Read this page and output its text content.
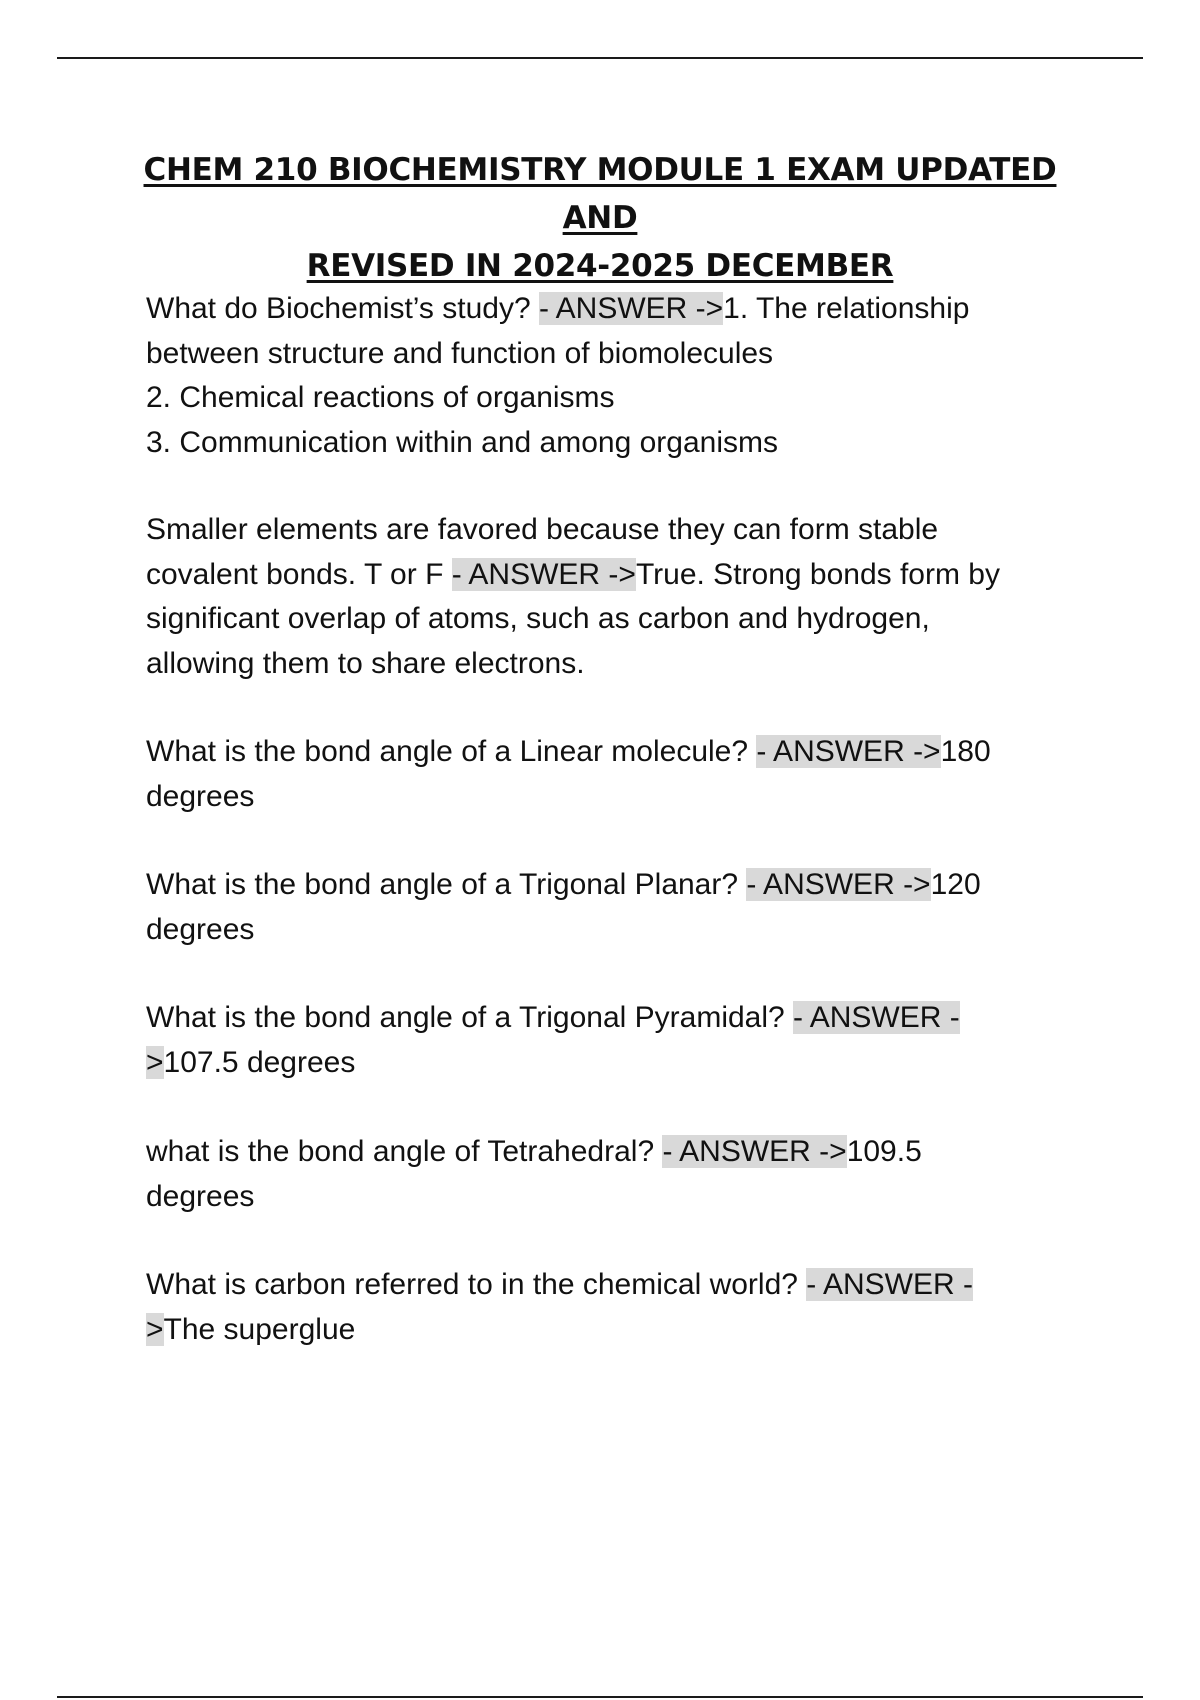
CHEM 210 BIOCHEMISTRY MODULE 1 EXAM UPDATED AND
REVISED IN 2024-2025 DECEMBER
What do Biochemist’s study? - ANSWER ->1. The relationship
between structure and function of biomolecules
2. Chemical reactions of organisms
3. Communication within and among organisms
Smaller elements are favored because they can form stable
covalent bonds. T or F - ANSWER ->True. Strong bonds form by
significant overlap of atoms, such as carbon and hydrogen,
allowing them to share electrons.
What is the bond angle of a Linear molecule? - ANSWER ->180
degrees
What is the bond angle of a Trigonal Planar? - ANSWER ->120
degrees
What is the bond angle of a Trigonal Pyramidal? - ANSWER -
>107.5 degrees
what is the bond angle of Tetrahedral? - ANSWER ->109.5
degrees
What is carbon referred to in the chemical world? - ANSWER -
>The superglue
